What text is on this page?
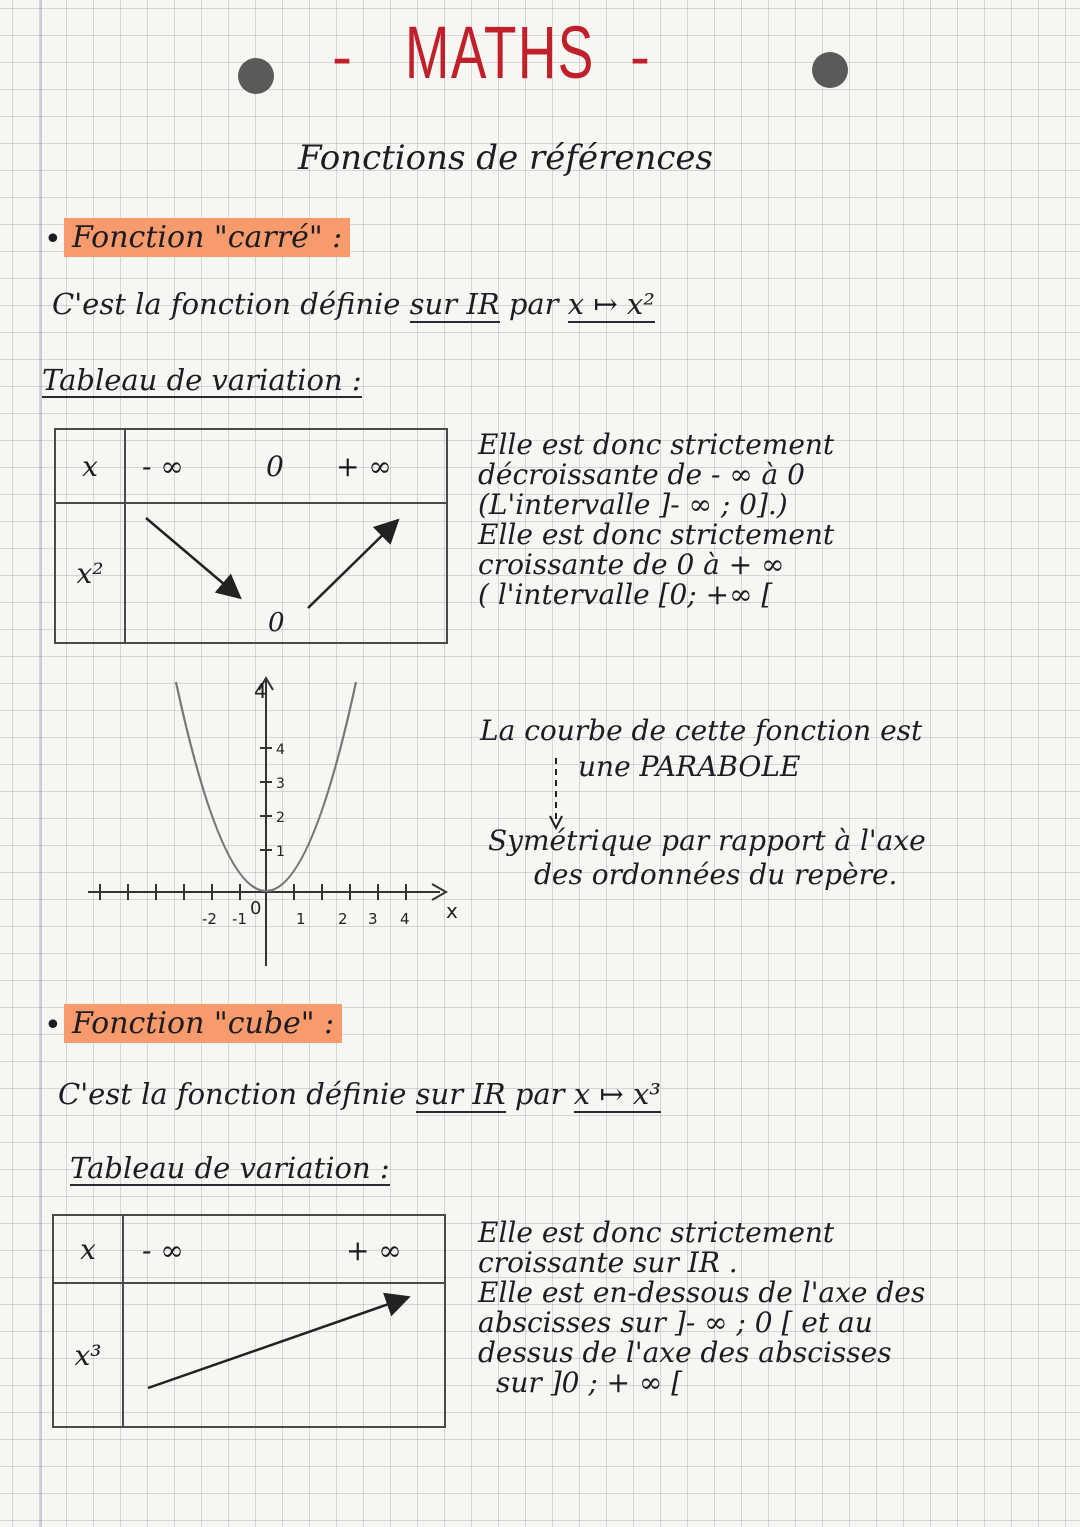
- MATHS -
Fonctions de références
• Fonction "carré" :
C'est la fonction définie sur IR par x ↦ x²
Tableau de variation :
x	- ∞ 0 + ∞

x²	0
Elle est donc strictement
décroissante de - ∞ à 0
(L'intervalle ]- ∞ ; 0].)
Elle est donc strictement
croissante de 0 à + ∞
( l'intervalle [0; +∞ [
4
4
3
2
1
-2 -1 0 1 2 3 4 x
La courbe de cette fonction est
une PARABOLE
Symétrique par rapport à l'axe
des ordonnées du repère.
• Fonction "cube" :
C'est la fonction définie sur IR par x ↦ x³
Tableau de variation :
x	- ∞ + ∞

x³

Elle est donc strictement
croissante sur IR .
Elle est en-dessous de l'axe des
abscisses sur ]- ∞ ; 0 [ et au
dessus de l'axe des abscisses
sur ]0 ; + ∞ [
